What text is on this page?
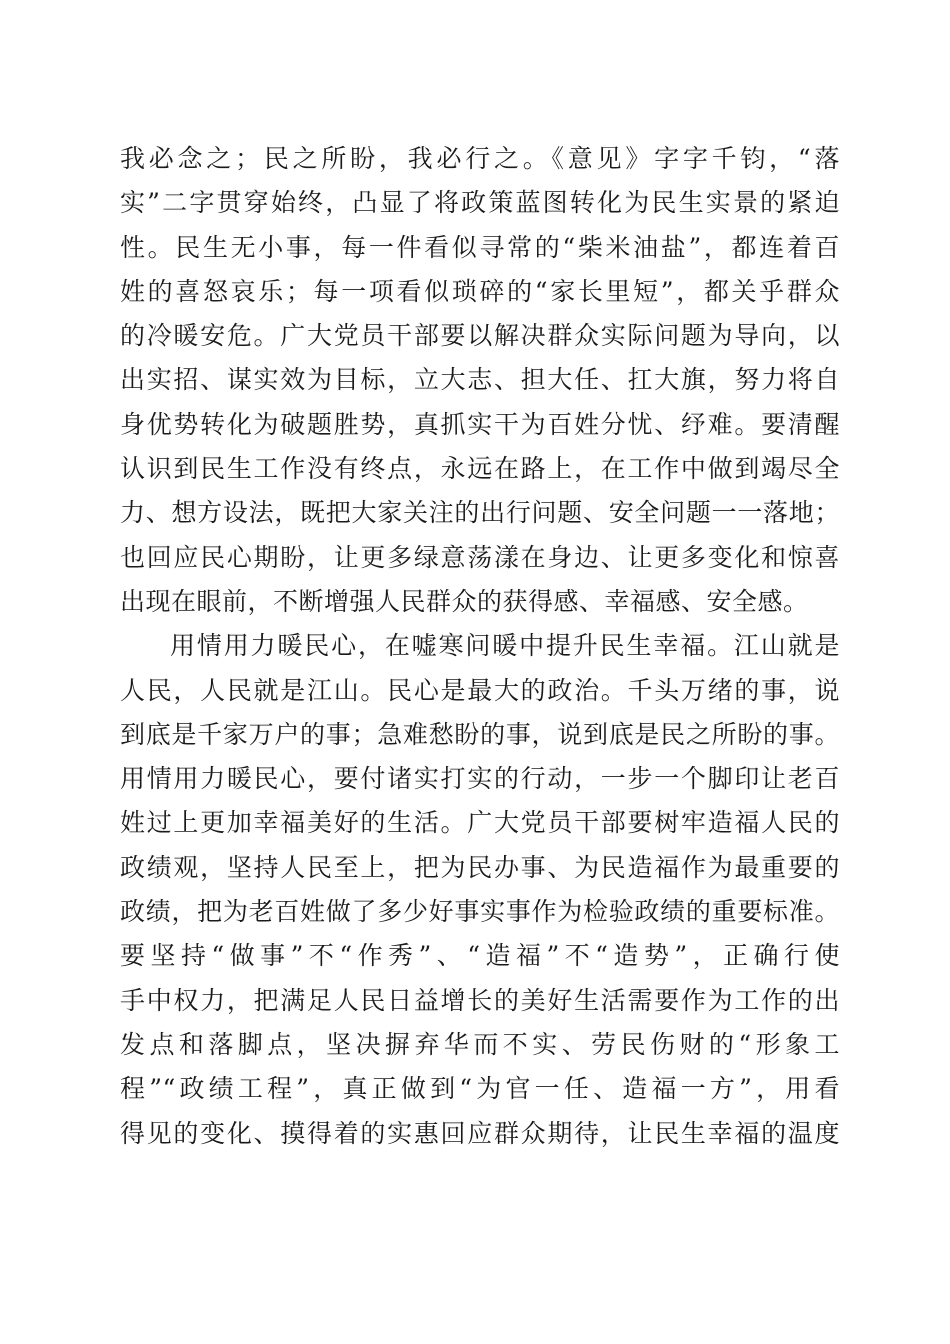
我必念之；民之所盼，我必行之。《意见》字字千钧，“落
实”二字贯穿始终，凸显了将政策蓝图转化为民生实景的紧迫
性。民生无小事，每一件看似寻常的“柴米油盐”，都连着百
姓的喜怒哀乐；每一项看似琐碎的“家长里短”，都关乎群众
的冷暖安危。广大党员干部要以解决群众实际问题为导向，以
出实招、谋实效为目标，立大志、担大任、扛大旗，努力将自
身优势转化为破题胜势，真抓实干为百姓分忧、纾难。要清醒
认识到民生工作没有终点，永远在路上，在工作中做到竭尽全
力、想方设法，既把大家关注的出行问题、安全问题一一落地；
也回应民心期盼，让更多绿意荡漾在身边、让更多变化和惊喜
出现在眼前，不断增强人民群众的获得感、幸福感、安全感。
用情用力暖民心，在嘘寒问暖中提升民生幸福。江山就是
人民，人民就是江山。民心是最大的政治。千头万绪的事，说
到底是千家万户的事；急难愁盼的事，说到底是民之所盼的事。
用情用力暖民心，要付诸实打实的行动，一步一个脚印让老百
姓过上更加幸福美好的生活。广大党员干部要树牢造福人民的
政绩观，坚持人民至上，把为民办事、为民造福作为最重要的
政绩，把为老百姓做了多少好事实事作为检验政绩的重要标准。
要坚持“做事”不“作秀”、“造福”不“造势”，正确行使
手中权力，把满足人民日益增长的美好生活需要作为工作的出
发点和落脚点，坚决摒弃华而不实、劳民伤财的“形象工
程”“政绩工程”，真正做到“为官一任、造福一方”，用看
得见的变化、摸得着的实惠回应群众期待，让民生幸福的温度
